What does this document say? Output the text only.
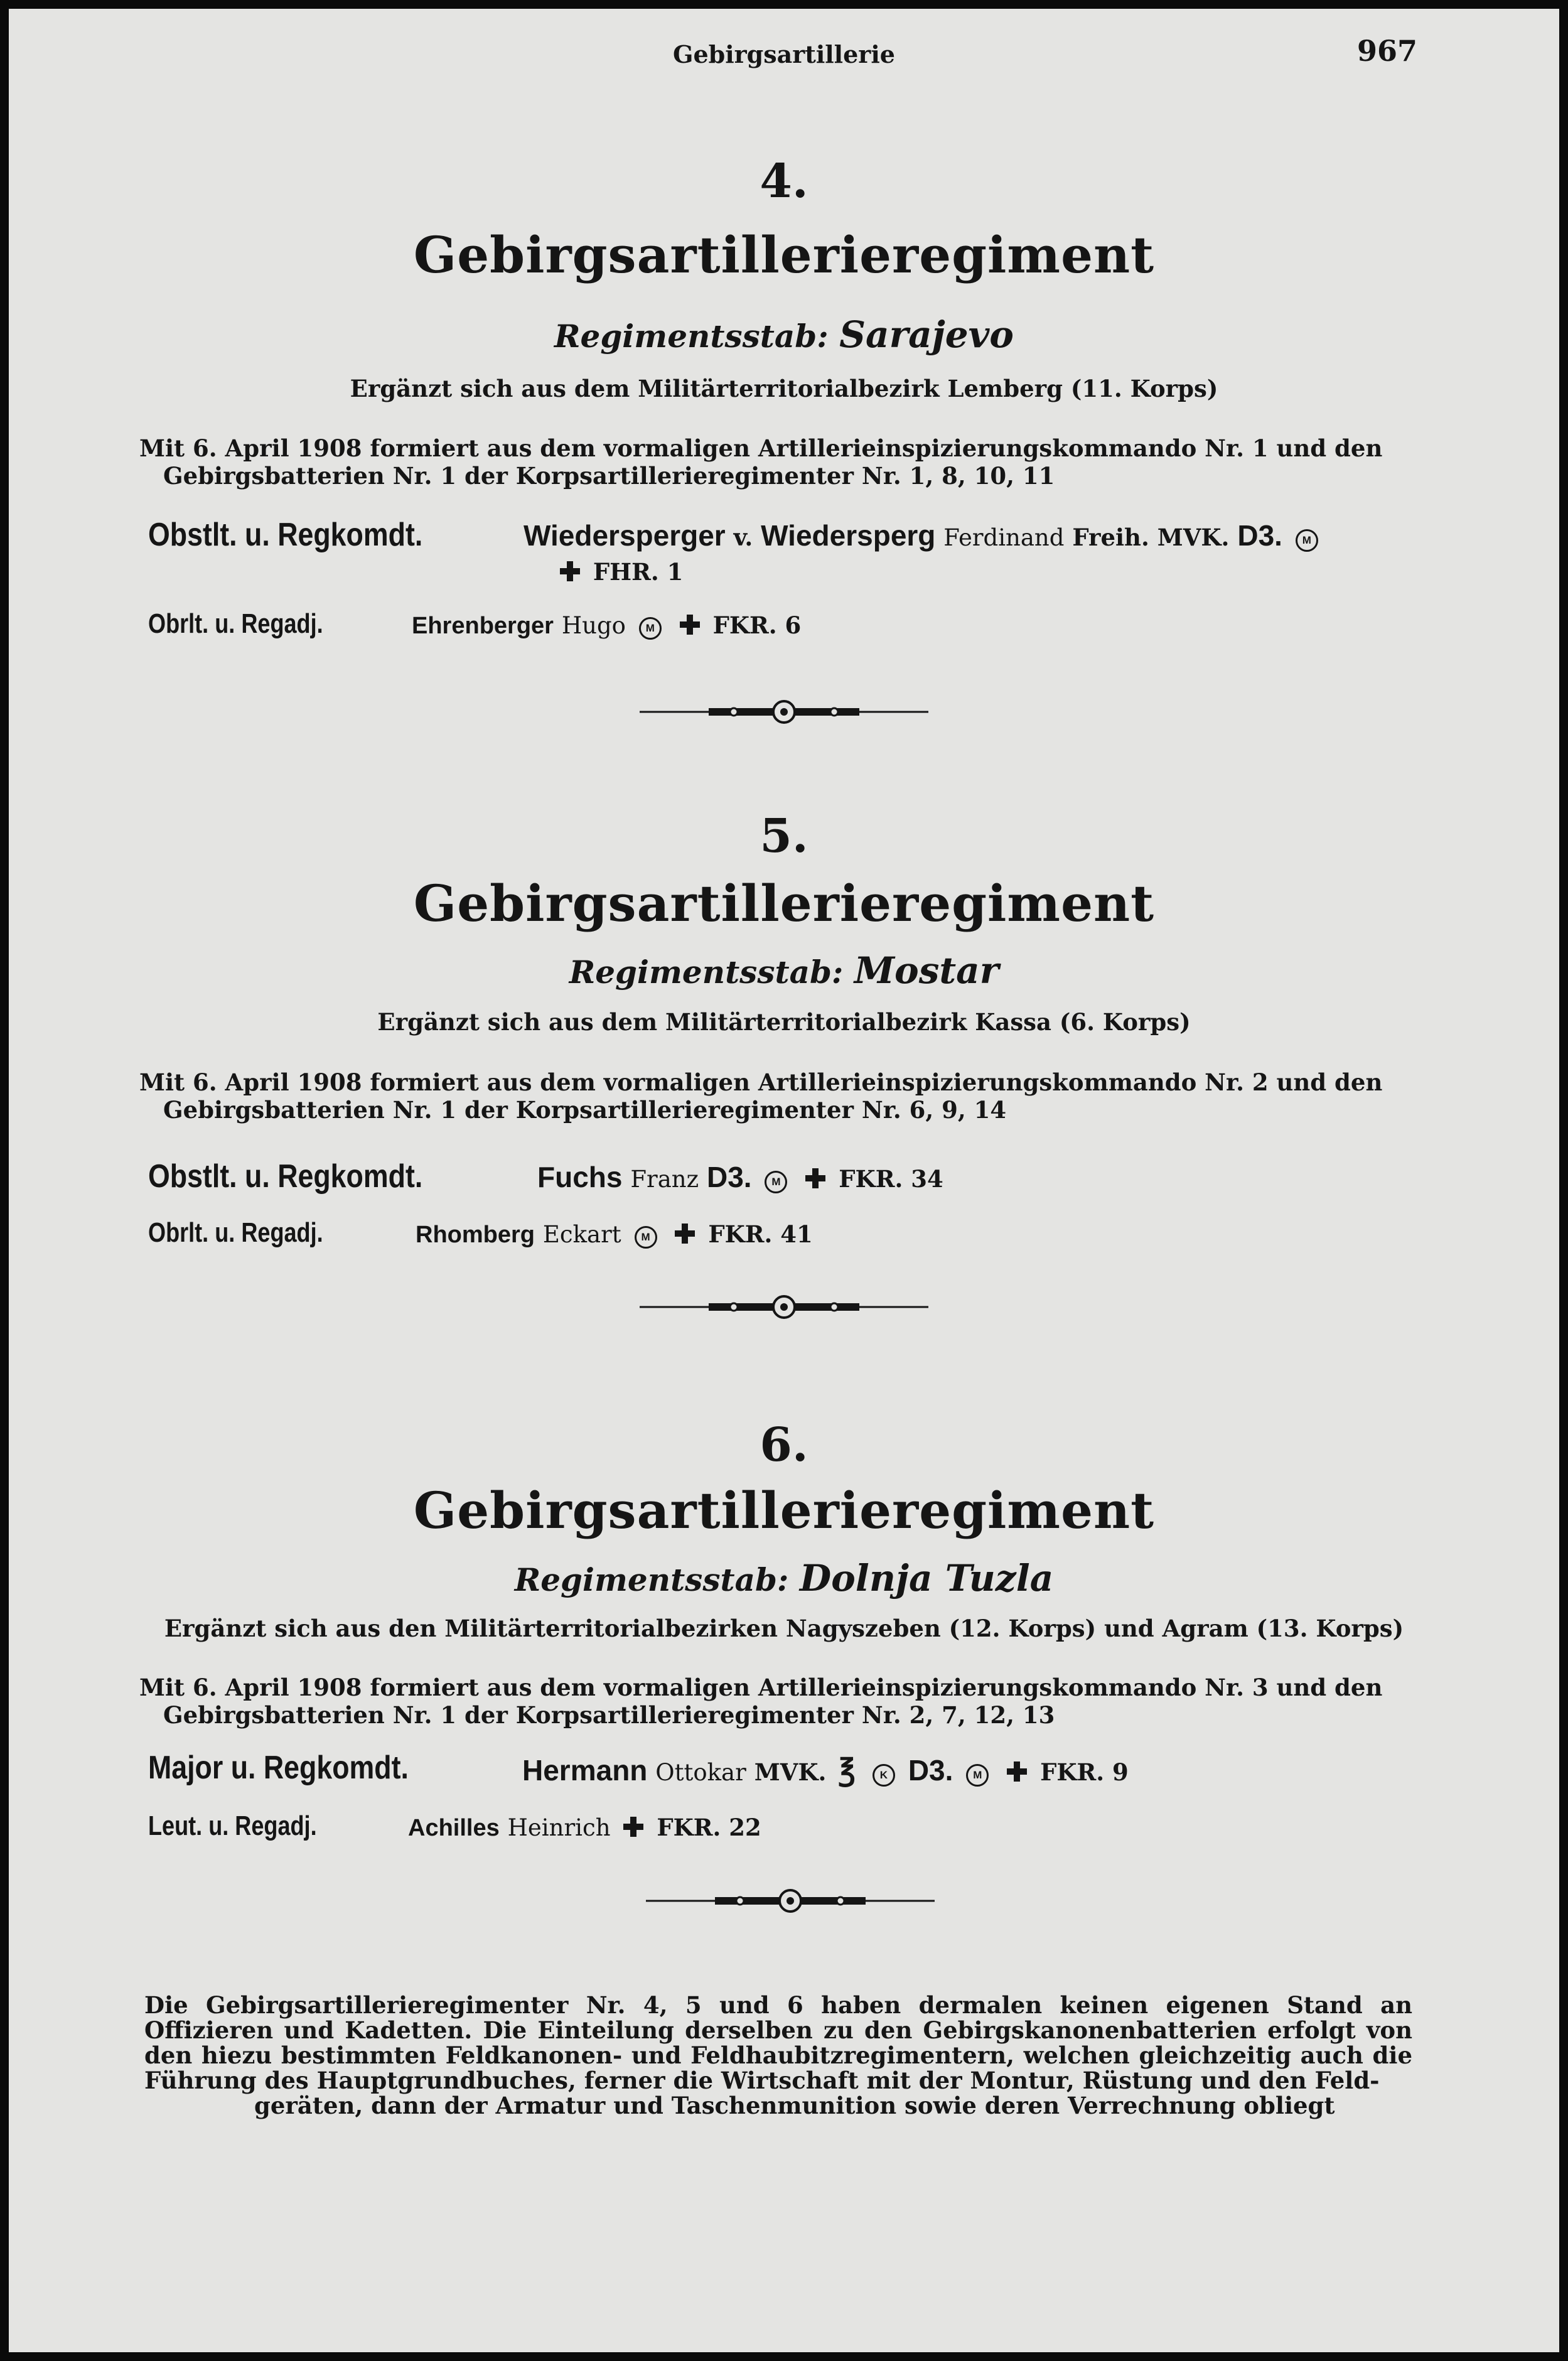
Gebirgsartillerie	967
4.
Gebirgsartillerieregiment
Regimentsstab: Sarajevo
Ergänzt sich aus dem Militärterritorialbezirk Lemberg (11. Korps)
Mit 6. April 1908 formiert aus dem vormaligen Artillerieinspizierungskommando Nr. 1 und den
Gebirgsbatterien Nr. 1 der Korpsartillerieregimenter Nr. 1, 8, 10, 11
Obstlt. u. Regkomdt.	Wiedersperger v. Wiedersperg Ferdinand Freih. MVK. D3. M
FHR. 1
Obrlt. u. Regadj.	Ehrenberger Hugo M	FKR. 6
5.
Gebirgsartillerieregiment
Regimentsstab: Mostar
Ergänzt sich aus dem Militärterritorialbezirk Kassa (6. Korps)
Mit 6. April 1908 formiert aus dem vormaligen Artillerieinspizierungskommando Nr. 2 und den
Gebirgsbatterien Nr. 1 der Korpsartillerieregimenter Nr. 6, 9, 14
Obstlt. u. Regkomdt.	Fuchs Franz D3. M	FKR. 34
Obrlt. u. Regadj.	Rhomberg Eckart M	FKR. 41
6.
Gebirgsartillerieregiment
Regimentsstab: Dolnja Tuzla
Ergänzt sich aus den Militärterritorialbezirken Nagyszeben (12. Korps) und Agram (13. Korps)
Mit 6. April 1908 formiert aus dem vormaligen Artillerieinspizierungskommando Nr. 3 und den
Gebirgsbatterien Nr. 1 der Korpsartillerieregimenter Nr. 2, 7, 12, 13
Major u. Regkomdt.	Hermann Ottokar MVK. ℥ K D3. M	FKR. 9
Leut. u. Regadj.	Achilles Heinrich FKR. 22
Die Gebirgsartillerieregimenter Nr. 4, 5 und 6 haben dermalen keinen eigenen Stand an Offizieren und Kadetten. Die Einteilung derselben zu den Gebirgskanonenbatterien erfolgt von den hiezu bestimmten Feldkanonen- und Feldhaubitzregimentern, welchen gleichzeitig auch die Führung des Hauptgrundbuches, ferner die Wirtschaft mit der Montur, Rüstung und den Feld-
geräten, dann der Armatur und Taschenmunition sowie deren Verrechnung obliegt
